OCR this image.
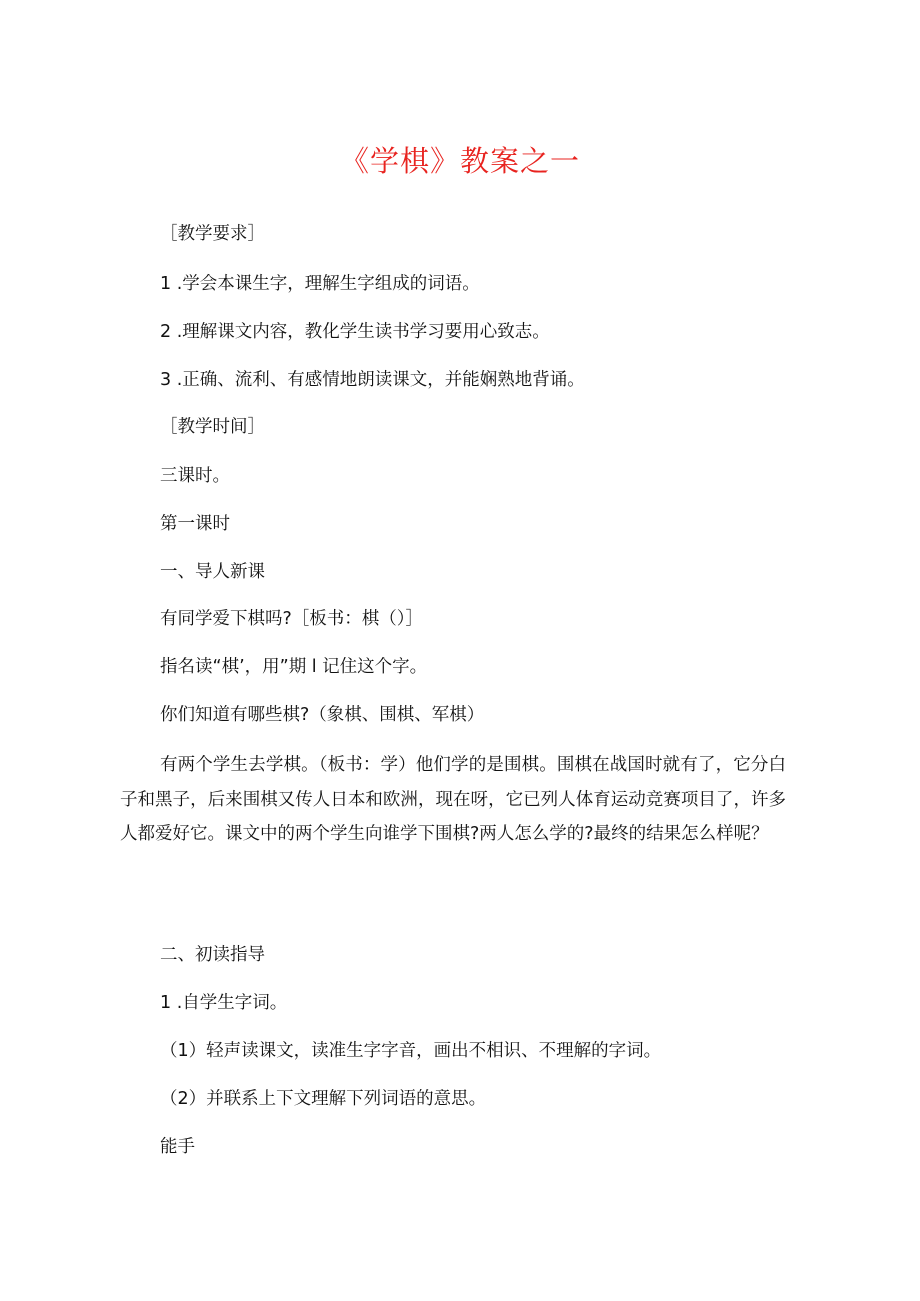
《学棋》教案之一
［教学要求］
1 .学会本课生字，理解生字组成的词语。
2 .理解课文内容，教化学生读书学习要用心致志。
3 .正确、流利、有感情地朗读课文，并能娴熟地背诵。
［教学时间］
三课时。
第一课时
一、导人新课
有同学爱下棋吗?［板书：棋（）］
指名读“棋’，用”期 l 记住这个字。
你们知道有哪些棋?（象棋、围棋、军棋）
有两个学生去学棋。（板书：学）他们学的是围棋。围棋在战国时就有了，它分白子和黑子，后来围棋又传人日本和欧洲，现在呀，它已列人体育运动竞赛项目了，许多人都爱好它。课文中的两个学生向谁学下围棋?两人怎么学的?最终的结果怎么样呢？
二、初读指导
1 .自学生字词。
（1）轻声读课文，读准生字字音，画出不相识、不理解的字词。
（2）并联系上下文理解下列词语的意思。
能手
